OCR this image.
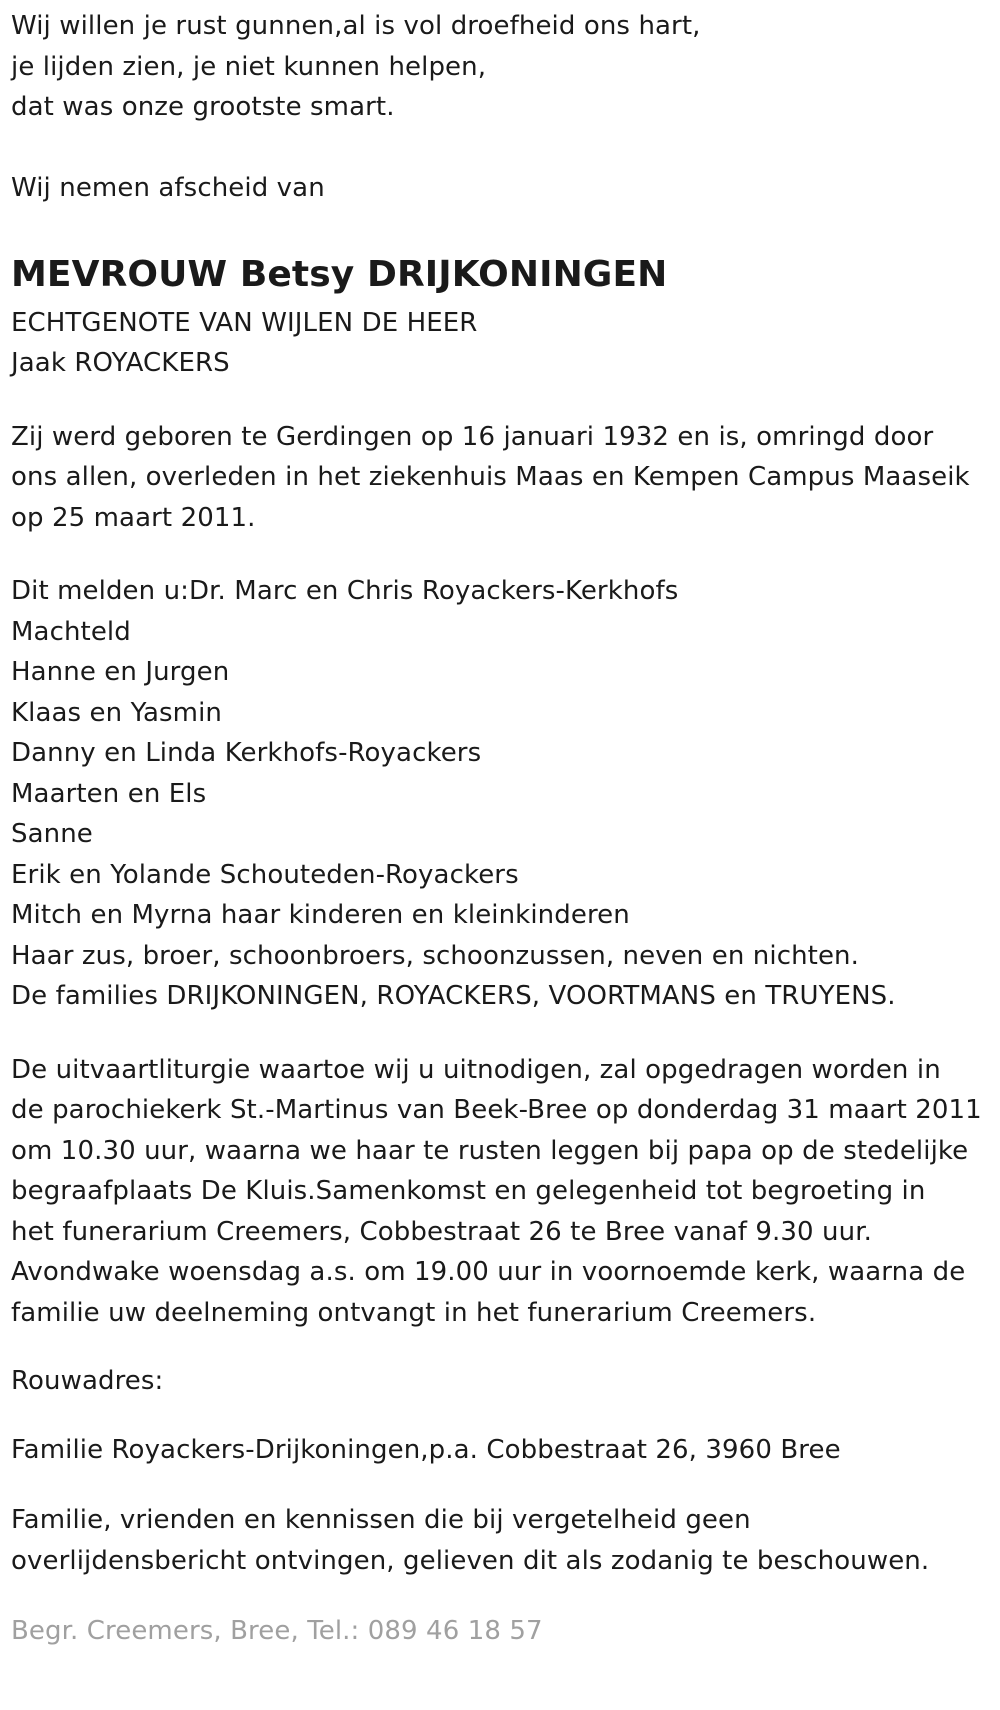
Wij willen je rust gunnen,al is vol droefheid ons hart,
je lijden zien, je niet kunnen helpen,
dat was onze grootste smart.
Wij nemen afscheid van
MEVROUW Betsy DRIJKONINGEN
ECHTGENOTE VAN WIJLEN DE HEER
Jaak ROYACKERS
Zij werd geboren te Gerdingen op 16 januari 1932 en is, omringd door
ons allen, overleden in het ziekenhuis Maas en Kempen Campus Maaseik
op 25 maart 2011.
Dit melden u:Dr. Marc en Chris Royackers-Kerkhofs
Machteld
Hanne en Jurgen
Klaas en Yasmin
Danny en Linda Kerkhofs-Royackers
Maarten en Els
Sanne
Erik en Yolande Schouteden-Royackers
Mitch en Myrna haar kinderen en kleinkinderen
Haar zus, broer, schoonbroers, schoonzussen, neven en nichten.
De families DRIJKONINGEN, ROYACKERS, VOORTMANS en TRUYENS.
De uitvaartliturgie waartoe wij u uitnodigen, zal opgedragen worden in
de parochiekerk St.-Martinus van Beek-Bree op donderdag 31 maart 2011
om 10.30 uur, waarna we haar te rusten leggen bij papa op de stedelijke
begraafplaats De Kluis.Samenkomst en gelegenheid tot begroeting in
het funerarium Creemers, Cobbestraat 26 te Bree vanaf 9.30 uur.
Avondwake woensdag a.s. om 19.00 uur in voornoemde kerk, waarna de
familie uw deelneming ontvangt in het funerarium Creemers.
Rouwadres:
Familie Royackers-Drijkoningen,p.a. Cobbestraat 26, 3960 Bree
Familie, vrienden en kennissen die bij vergetelheid geen
overlijdensbericht ontvingen, gelieven dit als zodanig te beschouwen.
Begr. Creemers, Bree, Tel.: 089 46 18 57
